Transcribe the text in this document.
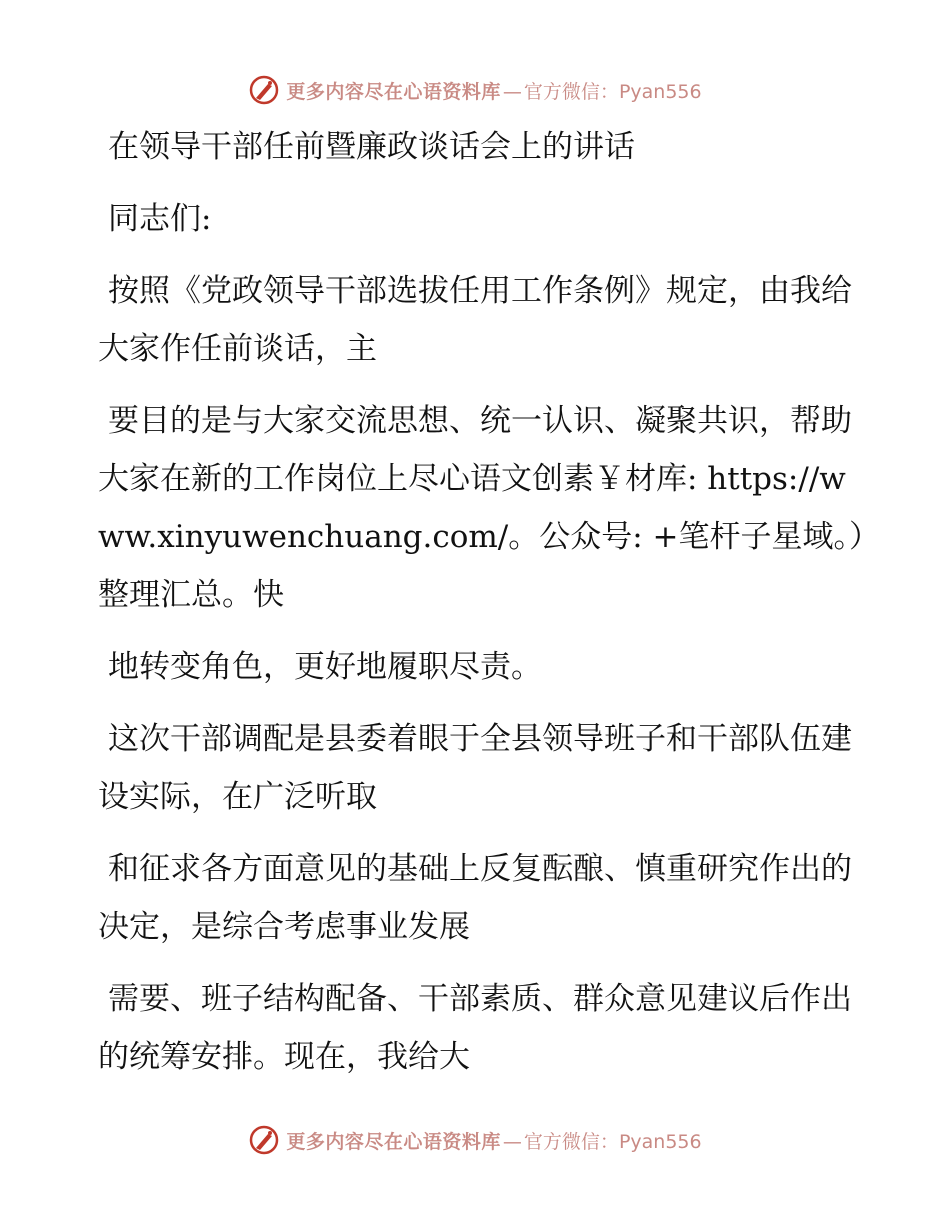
更多内容尽在心语资料库 — 官方微信：Pyan556

在领导干部任前暨廉政谈话会上的讲话

同志们:

按照《党政领导干部选拔任用工作条例》规定，由我给大家作任前谈话，主

要目的是与大家交流思想、统一认识、凝聚共识，帮助大家在新的工作岗位上尽心语文创素￥材库: https://www.xinyuwenchuang.com/。公众号: +笔杆子星域。）整理汇总。快

地转变角色，更好地履职尽责。

这次干部调配是县委着眼于全县领导班子和干部队伍建设实际，在广泛听取

和征求各方面意见的基础上反复酝酿、慎重研究作出的决定，是综合考虑事业发展

需要、班子结构配备、干部素质、群众意见建议后作出的统筹安排。现在，我给大

更多内容尽在心语资料库 — 官方微信：Pyan556
